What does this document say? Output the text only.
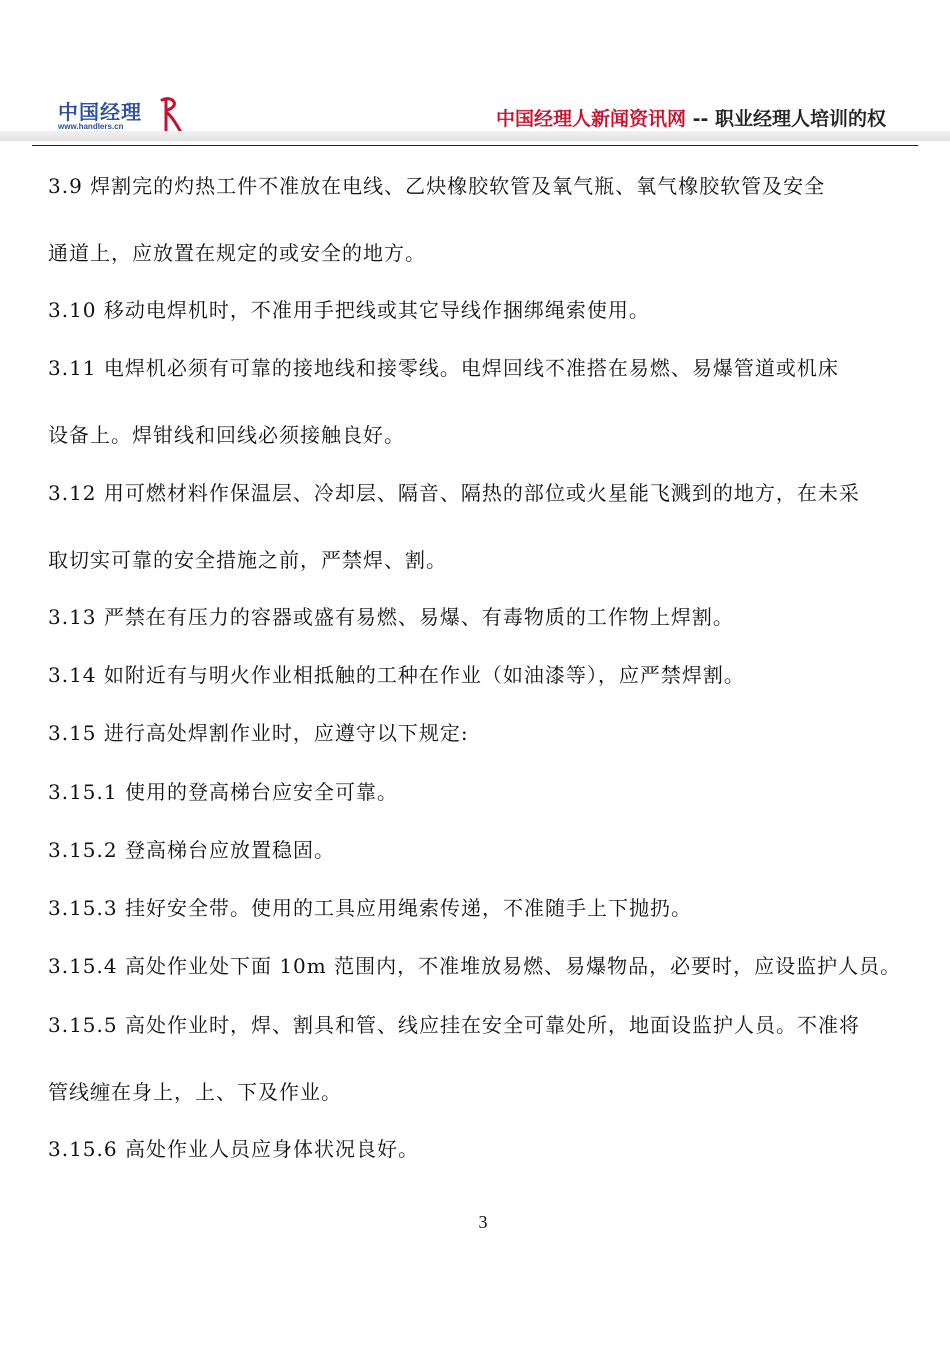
中国经理
www.handlers.cn	中国经理人新闻资讯网 -- 职业经理人培训的权
3.9 焊割完的灼热工件不准放在电线、乙炔橡胶软管及氧气瓶、氧气橡胶软管及安全
通道上，应放置在规定的或安全的地方。
3.10 移动电焊机时，不准用手把线或其它导线作捆绑绳索使用。
3.11 电焊机必须有可靠的接地线和接零线。电焊回线不准搭在易燃、易爆管道或机床
设备上。焊钳线和回线必须接触良好。
3.12 用可燃材料作保温层、冷却层、隔音、隔热的部位或火星能飞溅到的地方，在未采
取切实可靠的安全措施之前，严禁焊、割。
3.13 严禁在有压力的容器或盛有易燃、易爆、有毒物质的工作物上焊割。
3.14 如附近有与明火作业相抵触的工种在作业（如油漆等），应严禁焊割。
3.15 进行高处焊割作业时，应遵守以下规定:
3.15.1 使用的登高梯台应安全可靠。
3.15.2 登高梯台应放置稳固。
3.15.3 挂好安全带。使用的工具应用绳索传递，不准随手上下抛扔。
3.15.4 高处作业处下面 10m 范围内，不准堆放易燃、易爆物品，必要时，应设监护人员。
3.15.5 高处作业时，焊、割具和管、线应挂在安全可靠处所，地面设监护人员。不准将
管线缠在身上，上、下及作业。
3.15.6 高处作业人员应身体状况良好。
3
